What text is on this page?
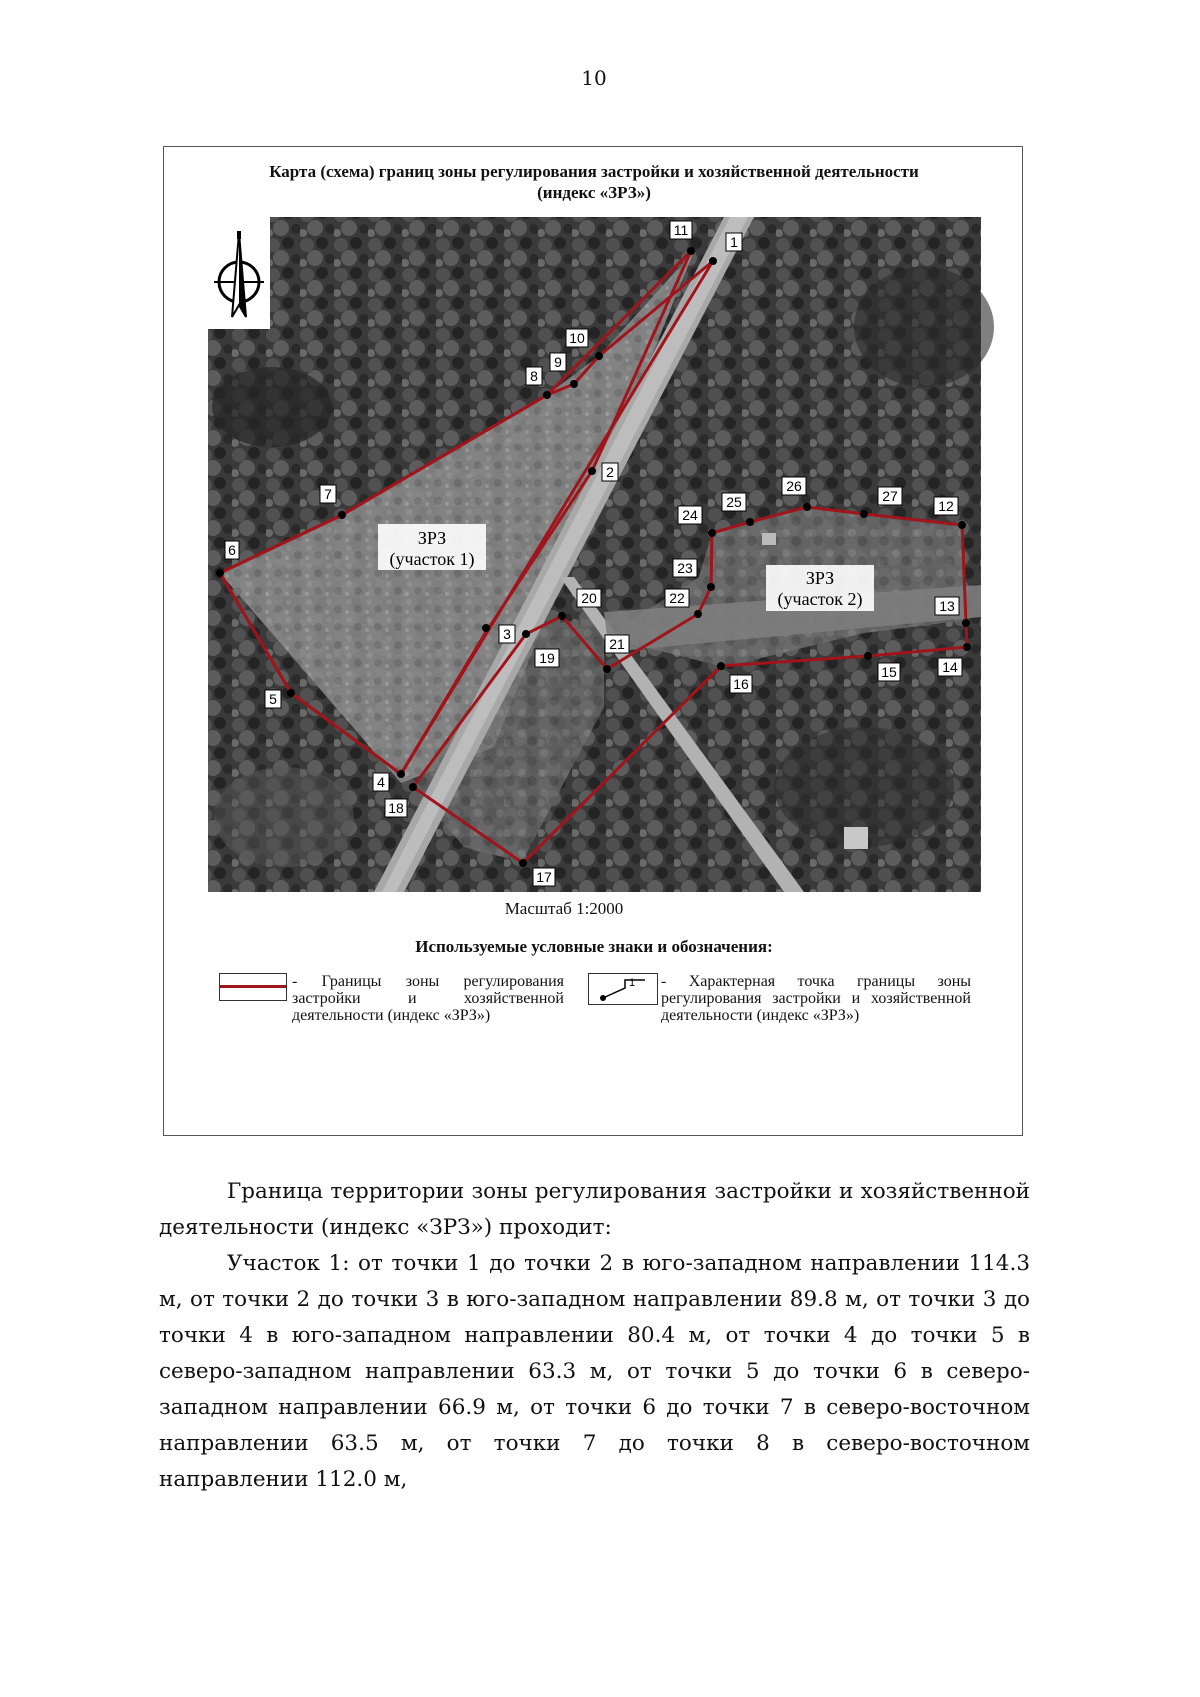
10
Карта (схема) границ зоны регулирования застройки и хозяйственной деятельности
(индекс «ЗРЗ»)
1
11
10
9
8
7
6
5
4
18
17
16
15	14
13
12
27
26
25
24
23
22
21
20
19
3
2
ЗРЗ
(участок 1)
ЗРЗ
(участок 2)
Масштаб 1:2000
Используемые условные знаки и обозначения:
- Границы зоны регулирования застройки и хозяйственной деятельности (индекс «ЗРЗ»)
1 - Характерная точка границы зоны регулирования застройки и хозяйственной деятельности (индекс «ЗРЗ»)

Граница территории зоны регулирования застройки и хозяйственной деятельности (индекс «ЗРЗ») проходит:

Участок 1: от точки 1 до точки 2 в юго-западном направлении 114.3 м, от точки 2 до точки 3 в юго-западном направлении 89.8 м, от точки 3 до точки 4 в юго-западном направлении 80.4 м, от точки 4 до точки 5 в северо-западном направлении 63.3 м, от точки 5 до точки 6 в северо-западном направлении 66.9 м, от точки 6 до точки 7 в северо-восточном направлении 63.5 м, от точки 7 до точки 8 в северо-восточном направлении 112.0 м,
